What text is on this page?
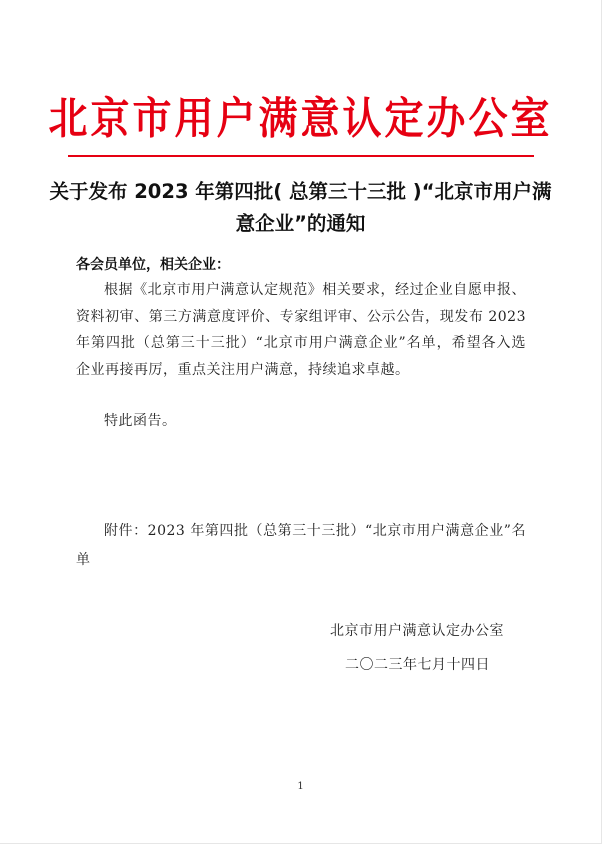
北京市用户满意认定办公室
关于发布 2023 年第四批( 总第三十三批 )“北京市用户满意企业”的通知
各会员单位，相关企业：
根据《北京市用户满意认定规范》相关要求，经过企业自愿申报、资料初审、第三方满意度评价、专家组评审、公示公告，现发布 2023 年第四批（总第三十三批）“北京市用户满意企业”名单，希望各入选企业再接再厉，重点关注用户满意，持续追求卓越。
特此函告。
附件：2023 年第四批（总第三十三批）“北京市用户满意企业”名单
北京市用户满意认定办公室
二〇二三年七月十四日
1
